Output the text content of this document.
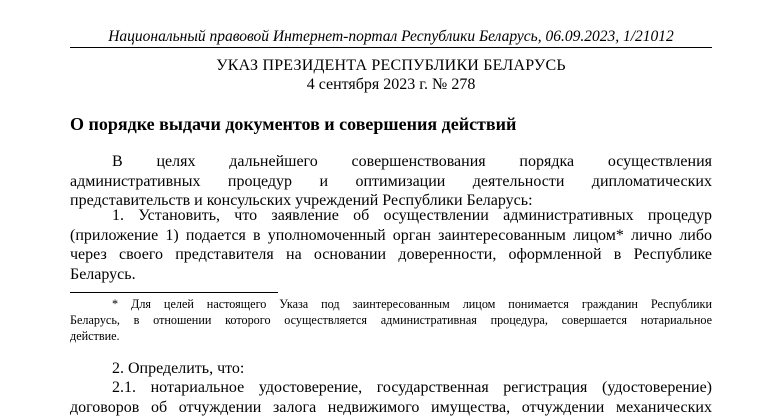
Национальный правовой Интернет-портал Республики Беларусь, 06.09.2023, 1/21012
УКАЗ ПРЕЗИДЕНТА РЕСПУБЛИКИ БЕЛАРУСЬ
4 сентября 2023 г. № 278
О порядке выдачи документов и совершения действий
В целях дальнейшего совершенствования порядка осуществления
административных процедур и оптимизации деятельности дипломатических
представительств и консульских учреждений Республики Беларусь:
1. Установить, что заявление об осуществлении административных процедур
(приложение 1) подается в уполномоченный орган заинтересованным лицом* лично либо
через своего представителя на основании доверенности, оформленной в Республике
Беларусь.
* Для целей настоящего Указа под заинтересованным лицом понимается гражданин Республики
Беларусь, в отношении которого осуществляется административная процедура, совершается нотариальное
действие.
2. Определить, что:
2.1. нотариальное удостоверение, государственная регистрация (удостоверение)
договоров об отчуждении залога недвижимого имущества, отчуждении механических
